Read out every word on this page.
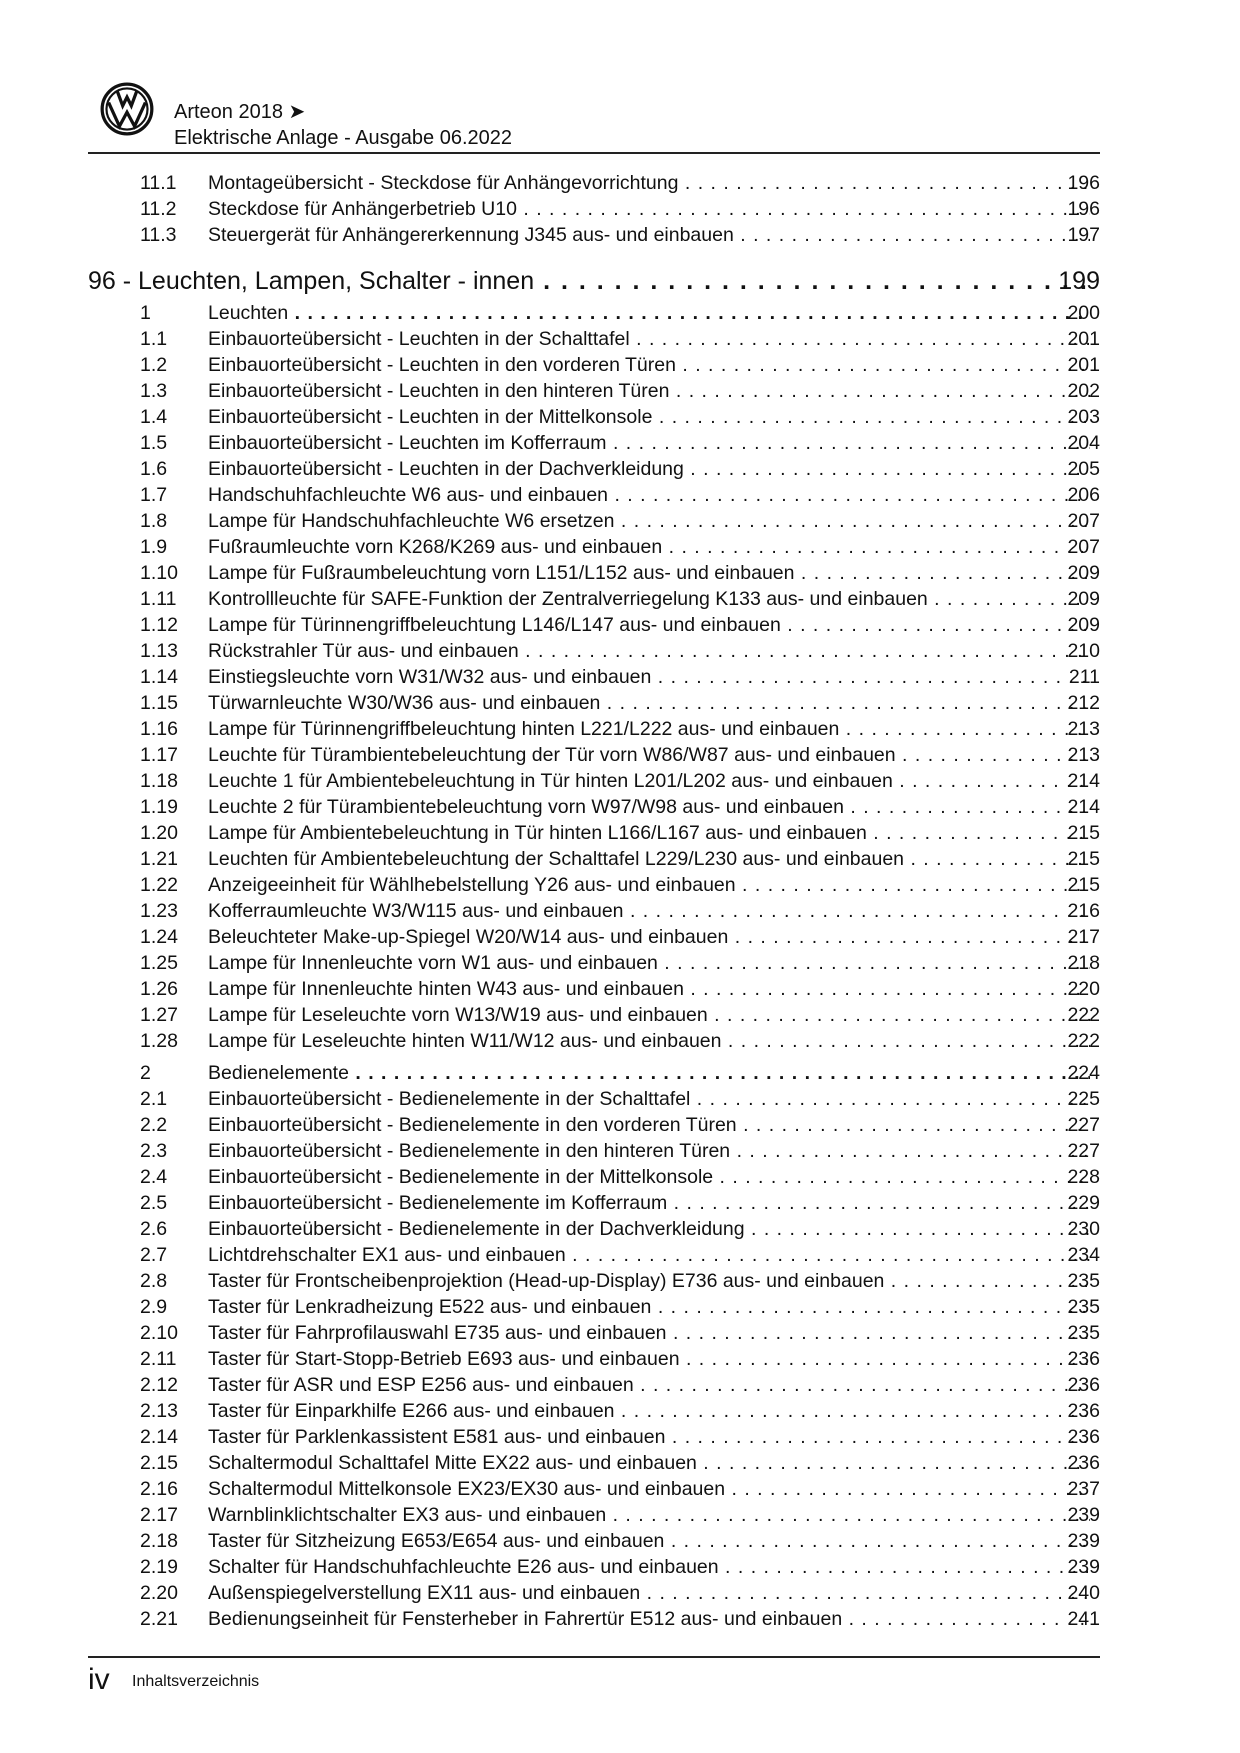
Arteon 2018 ➤
Elektrische Anlage - Ausgabe 06.2022
11.1 Montageübersicht - Steckdose für Anhängevorrichtung . . .	196
11.2 Steckdose für Anhängerbetrieb U10 . . .	196
11.3 Steuergerät für Anhängererkennung J345 aus- und einbauen . . .	197
96 - Leuchten, Lampen, Schalter - innen . . .	199
1	Leuchten . . .	200
1.1 Einbauorteübersicht - Leuchten in der Schalttafel . . .	201
1.2 Einbauorteübersicht - Leuchten in den vorderen Türen . . .	201
1.3 Einbauorteübersicht - Leuchten in den hinteren Türen . . .	202
1.4 Einbauorteübersicht - Leuchten in der Mittelkonsole . . .	203
1.5 Einbauorteübersicht - Leuchten im Kofferraum . . .	204
1.6 Einbauorteübersicht - Leuchten in der Dachverkleidung . . .	205
1.7 Handschuhfachleuchte W6 aus- und einbauen . . .	206
1.8 Lampe für Handschuhfachleuchte W6 ersetzen . . .	207
1.9 Fußraumleuchte vorn K268/K269 aus- und einbauen . . .	207
1.10 Lampe für Fußraumbeleuchtung vorn L151/L152 aus- und einbauen . . .	209
1.11 Kontrollleuchte für SAFE-Funktion der Zentralverriegelung K133 aus- und einbauen . . .	209
1.12 Lampe für Türinnengriffbeleuchtung L146/L147 aus- und einbauen . . .	209
1.13 Rückstrahler Tür aus- und einbauen . . .	210
1.14 Einstiegsleuchte vorn W31/W32 aus- und einbauen . . .	211
1.15 Türwarnleuchte W30/W36 aus- und einbauen . . .	212
1.16 Lampe für Türinnengriffbeleuchtung hinten L221/L222 aus- und einbauen . . .	213
1.17 Leuchte für Türambientebeleuchtung der Tür vorn W86/W87 aus- und einbauen . . .	213
1.18 Leuchte 1 für Ambientebeleuchtung in Tür hinten L201/L202 aus- und einbauen . . .	214
1.19 Leuchte 2 für Türambientebeleuchtung vorn W97/W98 aus- und einbauen . . .	214
1.20 Lampe für Ambientebeleuchtung in Tür hinten L166/L167 aus- und einbauen . . .	215
1.21 Leuchten für Ambientebeleuchtung der Schalttafel L229/L230 aus- und einbauen . . .	215
1.22 Anzeigeeinheit für Wählhebelstellung Y26 aus- und einbauen . . .	215
1.23 Kofferraumleuchte W3/W115 aus- und einbauen . . .	216
1.24 Beleuchteter Make-up-Spiegel W20/W14 aus- und einbauen . . .	217
1.25 Lampe für Innenleuchte vorn W1 aus- und einbauen . . .	218
1.26 Lampe für Innenleuchte hinten W43 aus- und einbauen . . .	220
1.27 Lampe für Leseleuchte vorn W13/W19 aus- und einbauen . . .	222
1.28 Lampe für Leseleuchte hinten W11/W12 aus- und einbauen . . .	222
2	Bedienelemente . . .	224
2.1 Einbauorteübersicht - Bedienelemente in der Schalttafel . . .	225
2.2 Einbauorteübersicht - Bedienelemente in den vorderen Türen . . .	227
2.3 Einbauorteübersicht - Bedienelemente in den hinteren Türen . . .	227
2.4 Einbauorteübersicht - Bedienelemente in der Mittelkonsole . . .	228
2.5 Einbauorteübersicht - Bedienelemente im Kofferraum . . .	229
2.6 Einbauorteübersicht - Bedienelemente in der Dachverkleidung . . .	230
2.7 Lichtdrehschalter EX1 aus- und einbauen . . .	234
2.8 Taster für Frontscheibenprojektion (Head-up-Display) E736 aus- und einbauen . . .	235
2.9 Taster für Lenkradheizung E522 aus- und einbauen . . .	235
2.10 Taster für Fahrprofilauswahl E735 aus- und einbauen . . .	235
2.11 Taster für Start-Stopp-Betrieb E693 aus- und einbauen . . .	236
2.12 Taster für ASR und ESP E256 aus- und einbauen . . .	236
2.13 Taster für Einparkhilfe E266 aus- und einbauen . . .	236
2.14 Taster für Parklenkassistent E581 aus- und einbauen . . .	236
2.15 Schaltermodul Schalttafel Mitte EX22 aus- und einbauen . . .	236
2.16 Schaltermodul Mittelkonsole EX23/EX30 aus- und einbauen . . .	237
2.17 Warnblinklichtschalter EX3 aus- und einbauen . . .	239
2.18 Taster für Sitzheizung E653/E654 aus- und einbauen . . .	239
2.19 Schalter für Handschuhfachleuchte E26 aus- und einbauen . . .	239
2.20 Außenspiegelverstellung EX11 aus- und einbauen . . .	240
2.21 Bedienungseinheit für Fensterheber in Fahrertür E512 aus- und einbauen . . .	241
iv Inhaltsverzeichnis
